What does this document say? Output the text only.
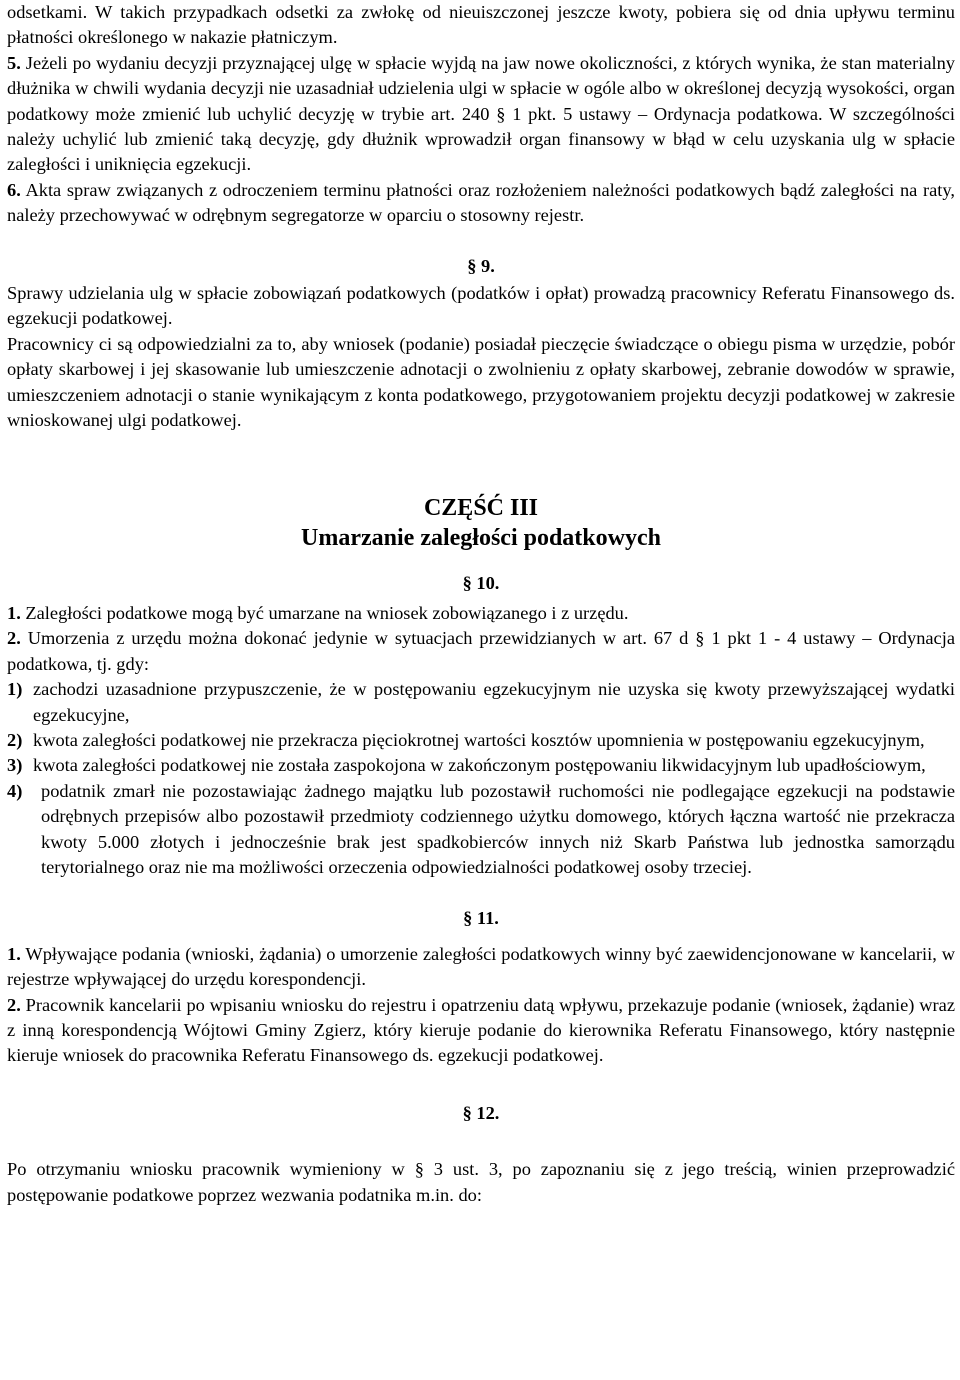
odsetkami. W takich przypadkach odsetki za zwłokę od nieuiszczonej jeszcze kwoty, pobiera się od dnia upływu terminu płatności określonego w nakazie płatniczym.

5. Jeżeli po wydaniu decyzji przyznającej ulgę w spłacie wyjdą na jaw nowe okoliczności, z których wynika, że stan materialny dłużnika w chwili wydania decyzji nie uzasadniał udzielenia ulgi w spłacie w ogóle albo w określonej decyzją wysokości, organ podatkowy może zmienić lub uchylić decyzję w trybie art. 240 § 1 pkt. 5 ustawy – Ordynacja podatkowa. W szczególności należy uchylić lub zmienić taką decyzję, gdy dłużnik wprowadził organ finansowy w błąd w celu uzyskania ulg w spłacie zaległości i uniknięcia egzekucji.

6. Akta spraw związanych z odroczeniem terminu płatności oraz rozłożeniem należności podatkowych bądź zaległości na raty, należy przechowywać w odrębnym segregatorze w oparciu o stosowny rejestr.

§ 9.

Sprawy udzielania ulg w spłacie zobowiązań podatkowych (podatków i opłat) prowadzą pracownicy Referatu Finansowego ds. egzekucji podatkowej.

Pracownicy ci są odpowiedzialni za to, aby wniosek (podanie) posiadał pieczęcie świadczące o obiegu pisma w urzędzie, pobór opłaty skarbowej i jej skasowanie lub umieszczenie adnotacji o zwolnieniu z opłaty skarbowej, zebranie dowodów w sprawie, umieszczeniem adnotacji o stanie wynikającym z konta podatkowego, przygotowaniem projektu decyzji podatkowej w zakresie wnioskowanej ulgi podatkowej.

CZĘŚĆ III

Umarzanie zaległości podatkowych

§ 10.

1. Zaległości podatkowe mogą być umarzane na wniosek zobowiązanego i z urzędu.

2. Umorzenia z urzędu można dokonać jedynie w sytuacjach przewidzianych w art. 67 d § 1 pkt 1 - 4 ustawy – Ordynacja podatkowa, tj. gdy:

1) zachodzi uzasadnione przypuszczenie, że w postępowaniu egzekucyjnym nie uzyska się kwoty przewyższającej wydatki egzekucyjne,
2) kwota zaległości podatkowej nie przekracza pięciokrotnej wartości kosztów upomnienia w postępowaniu egzekucyjnym,
3) kwota zaległości podatkowej nie została zaspokojona w zakończonym postępowaniu likwidacyjnym lub upadłościowym,
4)	podatnik zmarł nie pozostawiając żadnego majątku lub pozostawił ruchomości nie podlegające egzekucji na podstawie odrębnych przepisów albo pozostawił przedmioty codziennego użytku domowego, których łączna wartość nie przekracza kwoty 5.000 złotych i jednocześnie brak jest spadkobierców innych niż Skarb Państwa lub jednostka samorządu terytorialnego oraz nie ma możliwości orzeczenia odpowiedzialności podatkowej osoby trzeciej.

§ 11.

1. Wpływające podania (wnioski, żądania) o umorzenie zaległości podatkowych winny być zaewidencjonowane w kancelarii, w rejestrze wpływającej do urzędu korespondencji.

2. Pracownik kancelarii po wpisaniu wniosku do rejestru i opatrzeniu datą wpływu, przekazuje podanie (wniosek, żądanie) wraz z inną korespondencją Wójtowi Gminy Zgierz, który kieruje podanie do kierownika Referatu Finansowego, który następnie kieruje wniosek do pracownika Referatu Finansowego ds. egzekucji podatkowej.

§ 12.

Po otrzymaniu wniosku pracownik wymieniony w § 3 ust. 3, po zapoznaniu się z jego treścią, winien przeprowadzić postępowanie podatkowe poprzez wezwania podatnika m.in. do:
